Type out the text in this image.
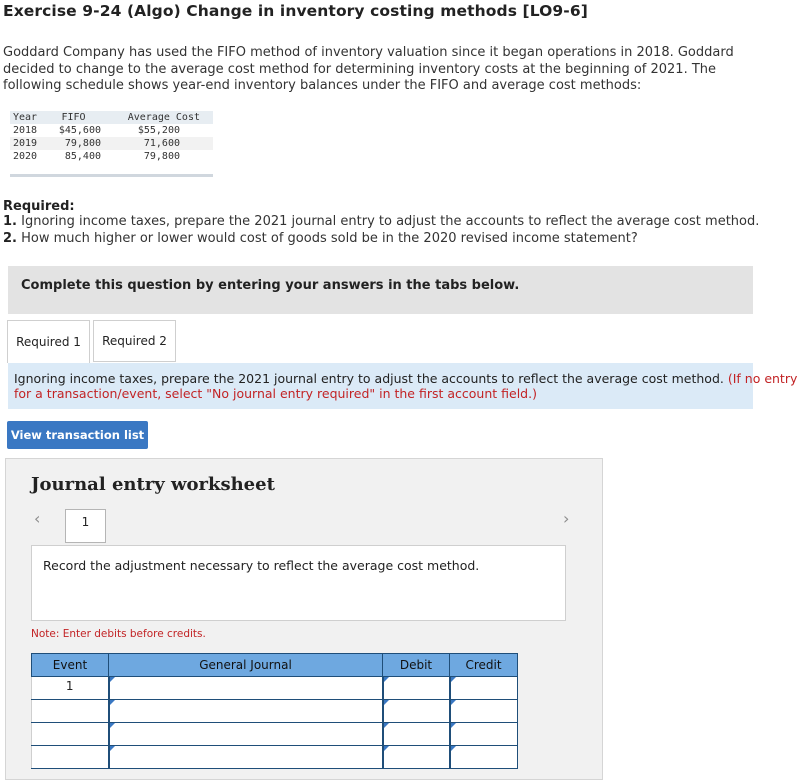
Exercise 9-24 (Algo) Change in inventory costing methods [LO9-6]
Goddard Company has used the FIFO method of inventory valuation since it began operations in 2018. Goddard decided to change to the average cost method for determining inventory costs at the beginning of 2021. The following schedule shows year-end inventory balances under the FIFO and average cost methods:
Year	FIFO	Average Cost
2018	$45,600	$55,200
2019	79,800	71,600
2020	85,400	79,800
Required:
1. Ignoring income taxes, prepare the 2021 journal entry to adjust the accounts to reflect the average cost method.
2. How much higher or lower would cost of goods sold be in the 2020 revised income statement?
Complete this question by entering your answers in the tabs below.
Required 1	Required 2
Ignoring income taxes, prepare the 2021 journal entry to adjust the accounts to reflect the average cost method. (If no entry
for a transaction/event, select "No journal entry required" in the first account field.)
View transaction list
Journal entry worksheet
‹	1	›
Record the adjustment necessary to reflect the average cost method.
Note: Enter debits before credits.
Event	General Journal	Debit	Credit
1	
